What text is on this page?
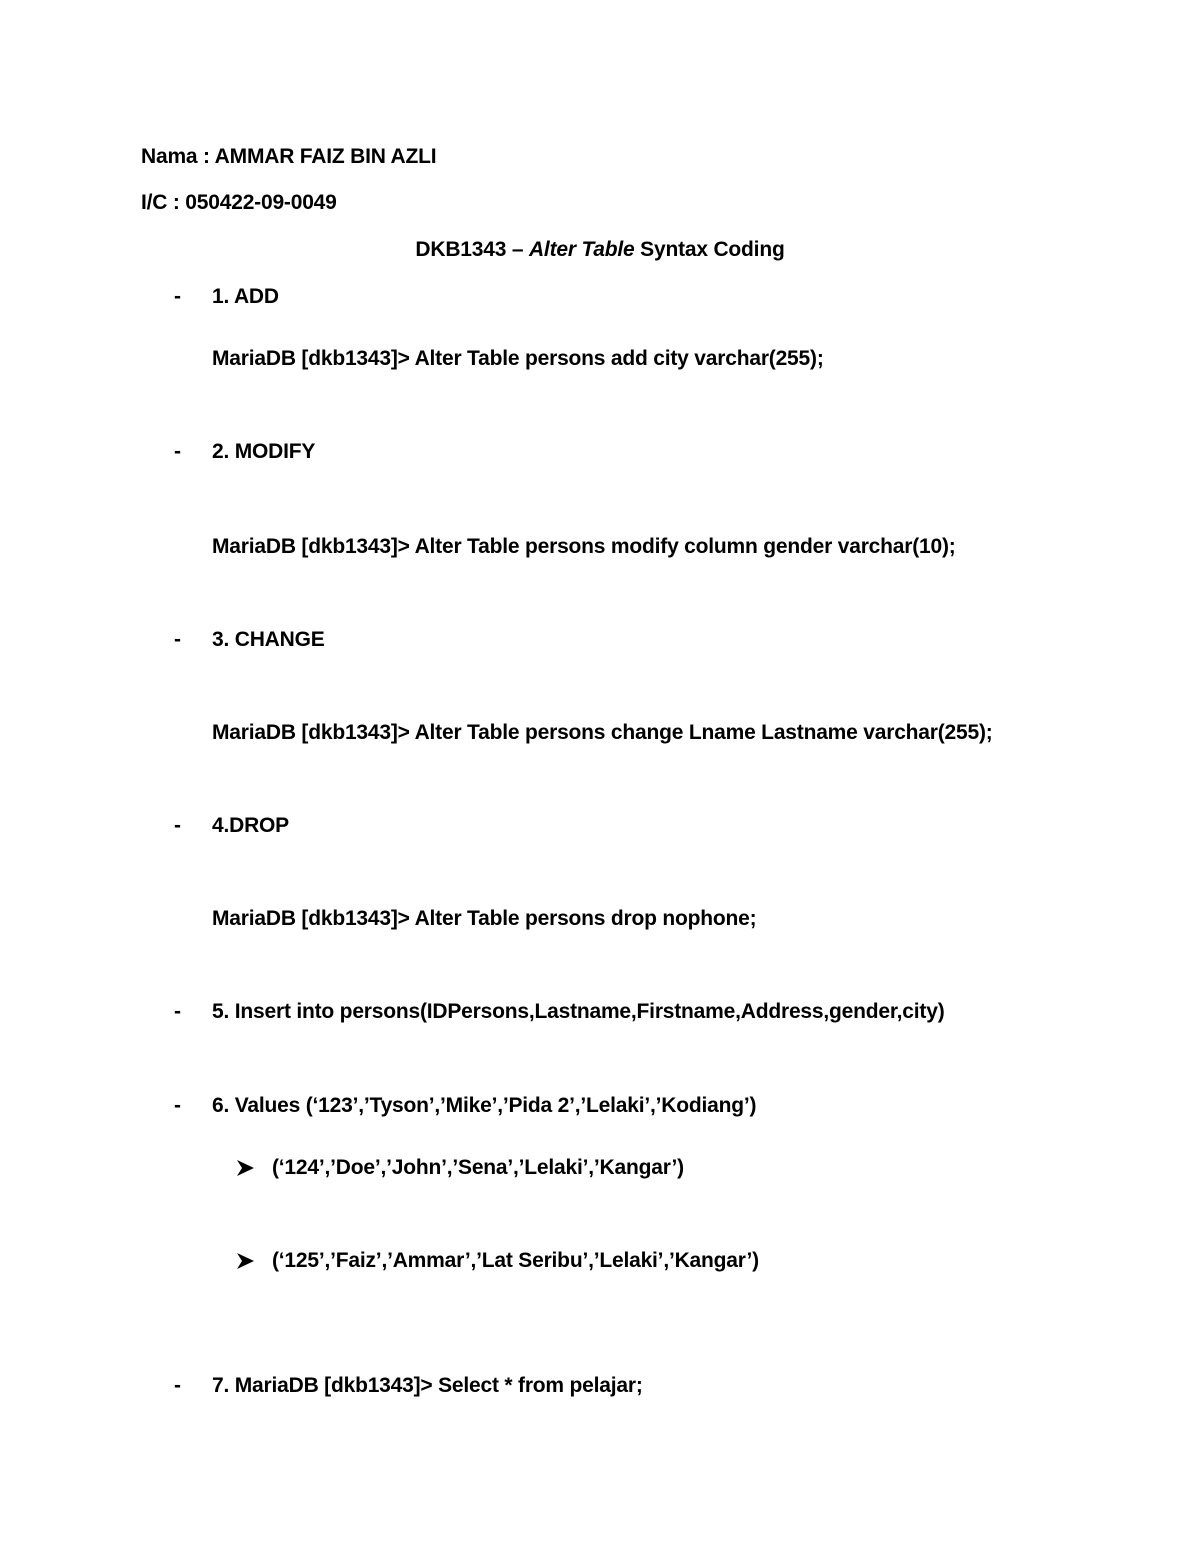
Nama : AMMAR FAIZ BIN AZLI
I/C : 050422-09-0049
DKB1343 – Alter Table Syntax Coding
- 1. ADD
MariaDB [dkb1343]> Alter Table persons add city varchar(255);
- 2. MODIFY
MariaDB [dkb1343]> Alter Table persons modify column gender varchar(10);
- 3. CHANGE
MariaDB [dkb1343]> Alter Table persons change Lname Lastname varchar(255);
- 4.DROP
MariaDB [dkb1343]> Alter Table persons drop nophone;
- 5. Insert into persons(IDPersons,Lastname,Firstname,Address,gender,city)
- 6. Values (‘123’,’Tyson’,’Mike’,’Pida 2’,’Lelaki’,’Kodiang’)
(‘124’,’Doe’,’John’,’Sena’,’Lelaki’,’Kangar’)
(‘125’,’Faiz’,’Ammar’,’Lat Seribu’,’Lelaki’,’Kangar’)
- 7. MariaDB [dkb1343]> Select * from pelajar;
